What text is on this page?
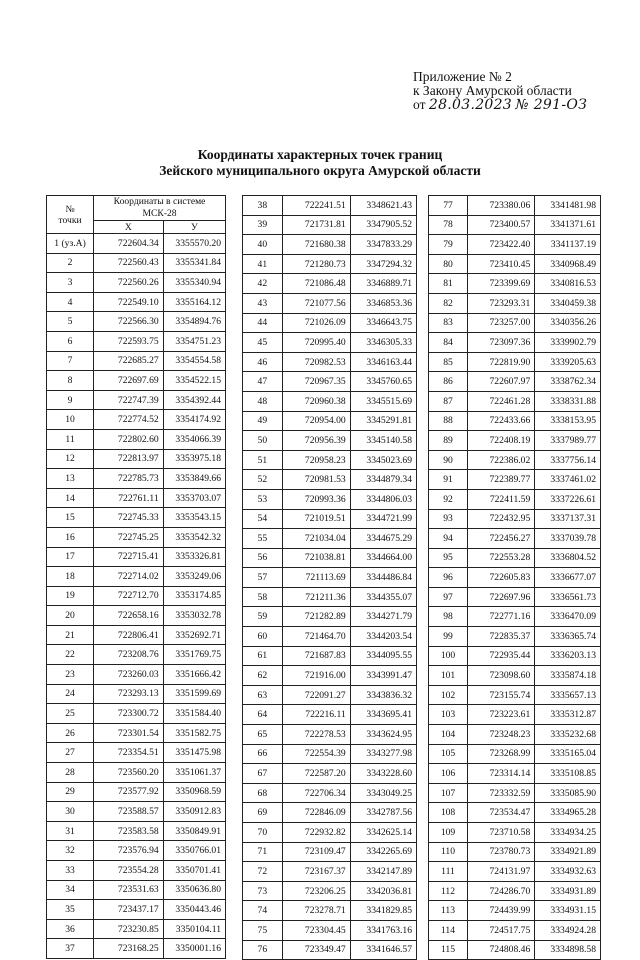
Приложение № 2
к Закону Амурской области
от 28.03.2023 № 291-ОЗ
Координаты характерных точек границ
Зейского муниципального округа Амурской области
№
точки	Координаты в системе МСК-28	
	X	У
1 (уз.А)	722604.34	3355570.20
2	722560.43	3355341.84
3	722560.26	3355340.94
4	722549.10	3355164.12
5	722566.30	3354894.76
6	722593.75	3354751.23
7	722685.27	3354554.58
8	722697.69	3354522.15
9	722747.39	3354392.44
10	722774.52	3354174.92
11	722802.60	3354066.39
12	722813.97	3353975.18
13	722785.73	3353849.66
14	722761.11	3353703.07
15	722745.33	3353543.15
16	722745.25	3353542.32
17	722715.41	3353326.81
18	722714.02	3353249.06
19	722712.70	3353174.85
20	722658.16	3353032.78
21	722806.41	3352692.71
22	723208.76	3351769.75
23	723260.03	3351666.42
24	723293.13	3351599.69
25	723300.72	3351584.40
26	723301.54	3351582.75
27	723354.51	3351475.98
28	723560.20	3351061.37
29	723577.92	3350968.59
30	723588.57	3350912.83
31	723583.58	3350849.91
32	723576.94	3350766.01
33	723554.28	3350701.41
34	723531.63	3350636.80
35	723437.17	3350443.46
36	723230.85	3350104.11
37	723168.25	3350001.16
38	722241.51	3348621.43
39	721731.81	3347905.52
40	721680.38	3347833.29
41	721280.73	3347294.32
42	721086.48	3346889.71
43	721077.56	3346853.36
44	721026.09	3346643.75
45	720995.40	3346305.33
46	720982.53	3346163.44
47	720967.35	3345760.65
48	720960.38	3345515.69
49	720954.00	3345291.81
50	720956.39	3345140.58
51	720958.23	3345023.69
52	720981.53	3344879.34
53	720993.36	3344806.03
54	721019.51	3344721.99
55	721034.04	3344675.29
56	721038.81	3344664.00
57	721113.69	3344486.84
58	721211.36	3344355.07
59	721282.89	3344271.79
60	721464.70	3344203.54
61	721687.83	3344095.55
62	721916.00	3343991.47
63	722091.27	3343836.32
64	722216.11	3343695.41
65	722278.53	3343624.95
66	722554.39	3343277.98
67	722587.20	3343228.60
68	722706.34	3343049.25
69	722846.09	3342787.56
70	722932.82	3342625.14
71	723109.47	3342265.69
72	723167.37	3342147.89
73	723206.25	3342036.81
74	723278.71	3341829.85
75	723304.45	3341763.16
76	723349.47	3341646.57
77	723380.06	3341481.98
78	723400.57	3341371.61
79	723422.40	3341137.19
80	723410.45	3340968.49
81	723399.69	3340816.53
82	723293.31	3340459.38
83	723257.00	3340356.26
84	723097.36	3339902.79
85	722819.90	3339205.63
86	722607.97	3338762.34
87	722461.28	3338331.88
88	722433.66	3338153.95
89	722408.19	3337989.77
90	722386.02	3337756.14
91	722389.77	3337461.02
92	722411.59	3337226.61
93	722432.95	3337137.31
94	722456.27	3337039.78
95	722553.28	3336804.52
96	722605.83	3336677.07
97	722697.96	3336561.73
98	722771.16	3336470.09
99	722835.37	3336365.74
100	722935.44	3336203.13
101	723098.60	3335874.18
102	723155.74	3335657.13
103	723223.61	3335312.87
104	723248.23	3335232.68
105	723268.99	3335165.04
106	723314.14	3335108.85
107	723332.59	3335085.90
108	723534.47	3334965.28
109	723710.58	3334934.25
110	723780.73	3334921.89
111	724131.97	3334932.63
112	724286.70	3334931.89
113	724439.99	3334931.15
114	724517.75	3334924.28
115	724808.46	3334898.58
